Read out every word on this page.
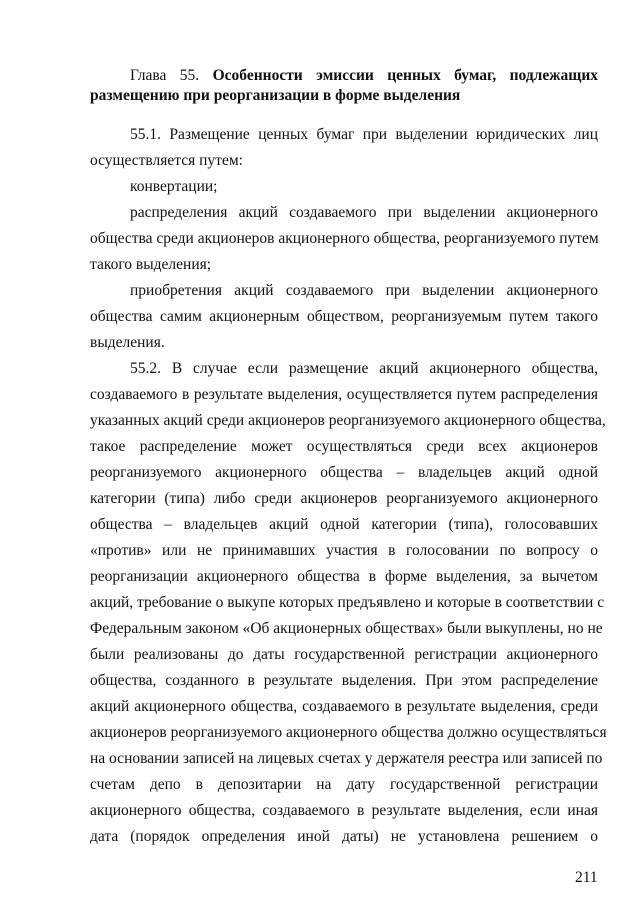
Глава 55. Особенности эмиссии ценных бумаг, подлежащих
размещению при реорганизации в форме выделения
55.1. Размещение ценных бумаг при выделении юридических лиц
осуществляется путем:
конвертации;
распределения акций создаваемого при выделении акционерного
общества среди акционеров акционерного общества, реорганизуемого путем
такого выделения;
приобретения акций создаваемого при выделении акционерного
общества самим акционерным обществом, реорганизуемым путем такого
выделения.
55.2. В случае если размещение акций акционерного общества,
создаваемого в результате выделения, осуществляется путем распределения
указанных акций среди акционеров реорганизуемого акционерного общества,
такое распределение может осуществляться среди всех акционеров
реорганизуемого акционерного общества – владельцев акций одной
категории (типа) либо среди акционеров реорганизуемого акционерного
общества – владельцев акций одной категории (типа), голосовавших
«против» или не принимавших участия в голосовании по вопросу о
реорганизации акционерного общества в форме выделения, за вычетом
акций, требование о выкупе которых предъявлено и которые в соответствии с
Федеральным законом «Об акционерных обществах» были выкуплены, но не
были реализованы до даты государственной регистрации акционерного
общества, созданного в результате выделения. При этом распределение
акций акционерного общества, создаваемого в результате выделения, среди
акционеров реорганизуемого акционерного общества должно осуществляться
на основании записей на лицевых счетах у держателя реестра или записей по
счетам депо в депозитарии на дату государственной регистрации
акционерного общества, создаваемого в результате выделения, если иная
дата (порядок определения иной даты) не установлена решением о
211
